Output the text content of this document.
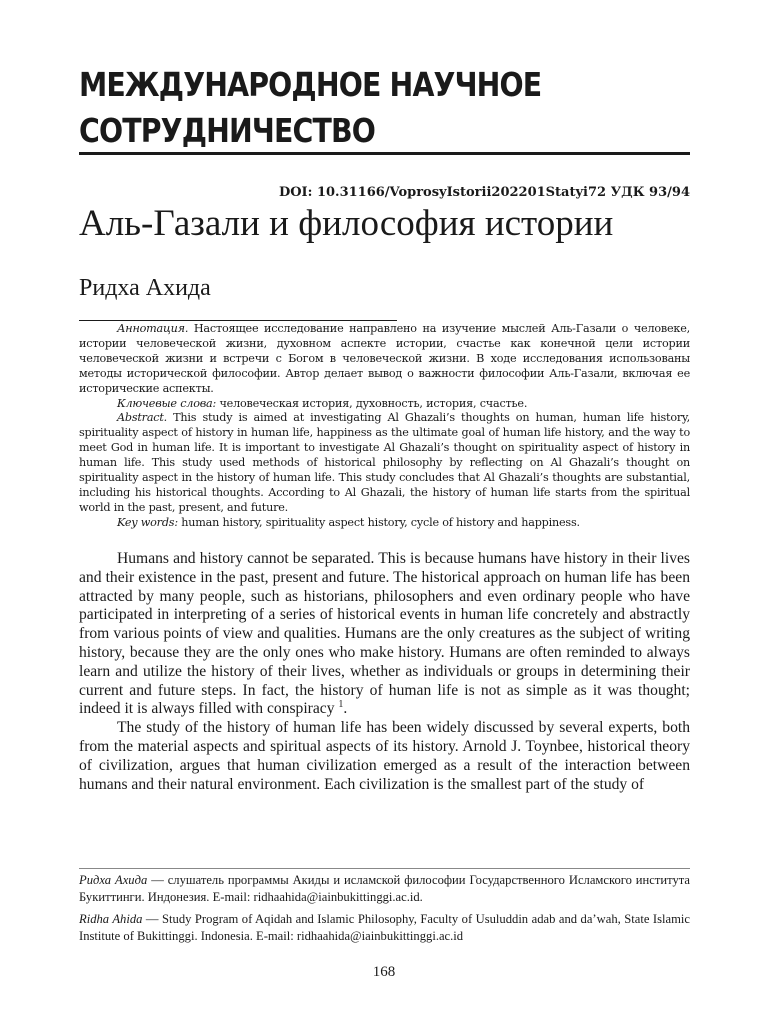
МЕЖДУНАРОДНОЕ НАУЧНОЕ
СОТРУДНИЧЕСТВО
DOI: 10.31166/VoprosyIstorii202201Statyi72 УДК 93/94
Аль-Газали и философия истории
Ридха Ахида

Аннотация. Настоящее исследование направлено на изучение мыслей Аль-Газали о человеке, истории человеческой жизни, духовном аспекте истории, счастье как конечной цели истории человеческой жизни и встречи с Богом в человеческой жизни. В ходе исследования использованы методы исторической философии. Автор делает вывод о важности философии Аль-Газали, включая ее исторические аспекты.

Ключевые слова: человеческая история, духовность, история, счастье.

Abstract. This study is aimed at investigating Al Ghazali’s thoughts on human, human life history, spirituality aspect of history in human life, happiness as the ultimate goal of human life history, and the way to meet God in human life. It is important to investigate Al Ghazali’s thought on spirituality aspect of history in human life. This study used methods of historical philosophy by reflecting on Al Ghazali’s thought on spirituality aspect in the history of human life. This study concludes that Al Ghazali’s thoughts are substantial, including his historical thoughts. According to Al Ghazali, the history of human life starts from the spiritual world in the past, present, and future.

Key words: human history, spirituality aspect history, cycle of history and happiness.

Humans and history cannot be separated. This is because humans have history in their lives and their existence in the past, present and future. The historical approach on human life has been attracted by many people, such as historians, philosophers and even ordinary people who have participated in interpreting of a series of historical events in human life concretely and abstractly from various points of view and qualities. Humans are the only creatures as the subject of writing history, because they are the only ones who make history. Humans are often reminded to always learn and utilize the history of their lives, whether as individuals or groups in determining their current and future steps. In fact, the history of human life is not as simple as it was thought; indeed it is always filled with conspiracy $^1$.

The study of the history of human life has been widely discussed by several experts, both from the material aspects and spiritual aspects of its history. Arnold J. Toynbee, historical theory of civilization, argues that human civilization emerged as a result of the interaction between humans and their natural environment. Each civilization is the smallest part of the study of

Ридха Ахида — слушатель программы Акиды и исламской философии Государственного Исламского института Букиттинги. Индонезия. E-mail: ridhaahida@iainbukittinggi.ac.id.

Ridha Ahida — Study Program of Aqidah and Islamic Philosophy, Faculty of Usuluddin adab and da’wah, State Islamic Institute of Bukittinggi. Indonesia. E-mail: ridhaahida@iainbukittinggi.ac.id

168
